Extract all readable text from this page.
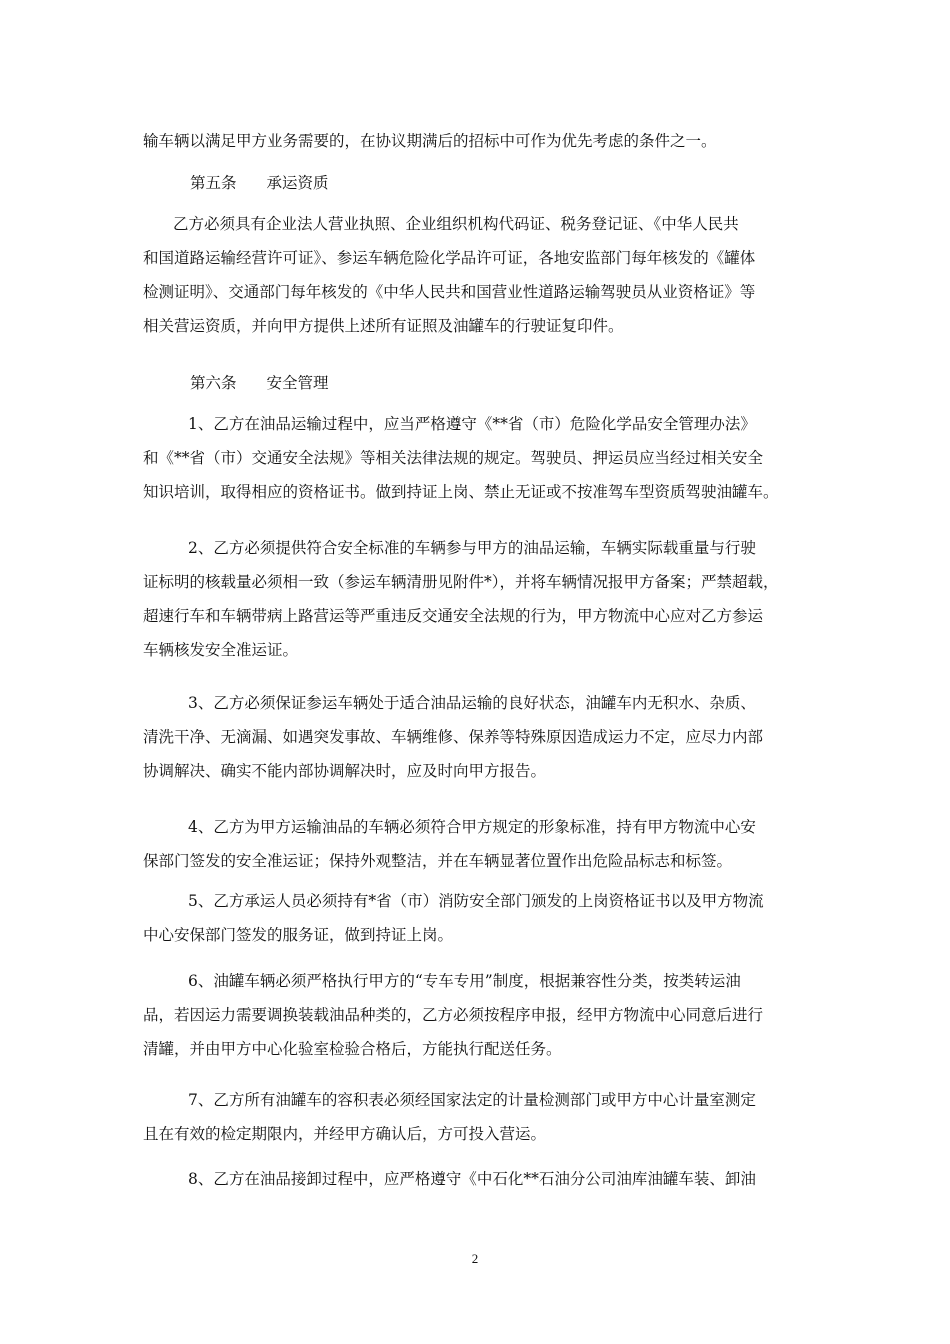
输车辆以满足甲方业务需要的，在协议期满后的招标中可作为优先考虑的条件之一。

第五条 承运资质

乙方必须具有企业法人营业执照、企业组织机构代码证、税务登记证、《中华人民共
和国道路运输经营许可证》、参运车辆危险化学品许可证，各地安监部门每年核发的《罐体
检测证明》、交通部门每年核发的《中华人民共和国营业性道路运输驾驶员从业资格证》等
相关营运资质，并向甲方提供上述所有证照及油罐车的行驶证复印件。

第六条 安全管理

1、乙方在油品运输过程中，应当严格遵守《**省（市）危险化学品安全管理办法》
和《**省（市）交通安全法规》等相关法律法规的规定。驾驶员、押运员应当经过相关安全
知识培训，取得相应的资格证书。做到持证上岗、禁止无证或不按准驾车型资质驾驶油罐车。

2、乙方必须提供符合安全标准的车辆参与甲方的油品运输，车辆实际载重量与行驶
证标明的核载量必须相一致（参运车辆清册见附件*），并将车辆情况报甲方备案；严禁超载，
超速行车和车辆带病上路营运等严重违反交通安全法规的行为，甲方物流中心应对乙方参运
车辆核发安全准运证。

3、乙方必须保证参运车辆处于适合油品运输的良好状态，油罐车内无积水、杂质、
清洗干净、无滴漏、如遇突发事故、车辆维修、保养等特殊原因造成运力不定，应尽力内部
协调解决、确实不能内部协调解决时，应及时向甲方报告。

4、乙方为甲方运输油品的车辆必须符合甲方规定的形象标准，持有甲方物流中心安
保部门签发的安全准运证；保持外观整洁，并在车辆显著位置作出危险品标志和标签。

5、乙方承运人员必须持有*省（市）消防安全部门颁发的上岗资格证书以及甲方物流
中心安保部门签发的服务证，做到持证上岗。

6、油罐车辆必须严格执行甲方的“专车专用”制度，根据兼容性分类，按类转运油
品，若因运力需要调换装载油品种类的，乙方必须按程序申报，经甲方物流中心同意后进行
清罐，并由甲方中心化验室检验合格后，方能执行配送任务。

7、乙方所有油罐车的容积表必须经国家法定的计量检测部门或甲方中心计量室测定
且在有效的检定期限内，并经甲方确认后，方可投入营运。

8、乙方在油品接卸过程中，应严格遵守《中石化**石油分公司油库油罐车装、卸油

2
